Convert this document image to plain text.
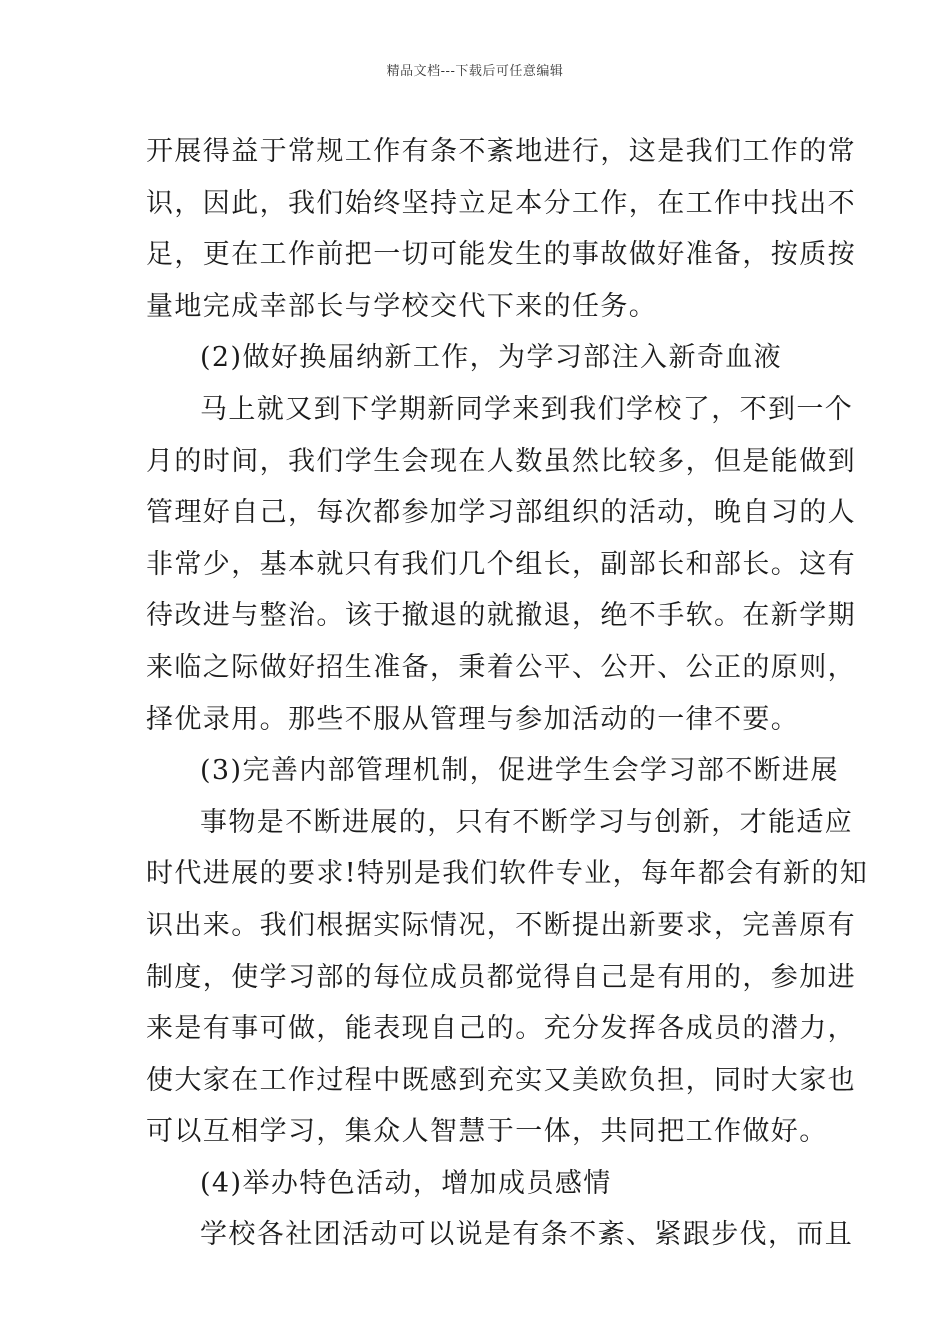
精品文档---下载后可任意编辑
开展得益于常规工作有条不紊地进行，这是我们工作的常
识，因此，我们始终坚持立足本分工作，在工作中找出不
足，更在工作前把一切可能发生的事故做好准备，按质按
量地完成幸部长与学校交代下来的任务。
(2)做好换届纳新工作，为学习部注入新奇血液
马上就又到下学期新同学来到我们学校了，不到一个
月的时间，我们学生会现在人数虽然比较多，但是能做到
管理好自己，每次都参加学习部组织的活动，晚自习的人
非常少，基本就只有我们几个组长，副部长和部长。这有
待改进与整治。该于撤退的就撤退，绝不手软。在新学期
来临之际做好招生准备，秉着公平、公开、公正的原则，
择优录用。那些不服从管理与参加活动的一律不要。
(3)完善内部管理机制，促进学生会学习部不断进展
事物是不断进展的，只有不断学习与创新，才能适应
时代进展的要求!特别是我们软件专业，每年都会有新的知
识出来。我们根据实际情况，不断提出新要求，完善原有
制度，使学习部的每位成员都觉得自己是有用的，参加进
来是有事可做，能表现自己的。充分发挥各成员的潜力，
使大家在工作过程中既感到充实又美欧负担，同时大家也
可以互相学习，集众人智慧于一体，共同把工作做好。
(4)举办特色活动，增加成员感情
学校各社团活动可以说是有条不紊、紧跟步伐，而且
